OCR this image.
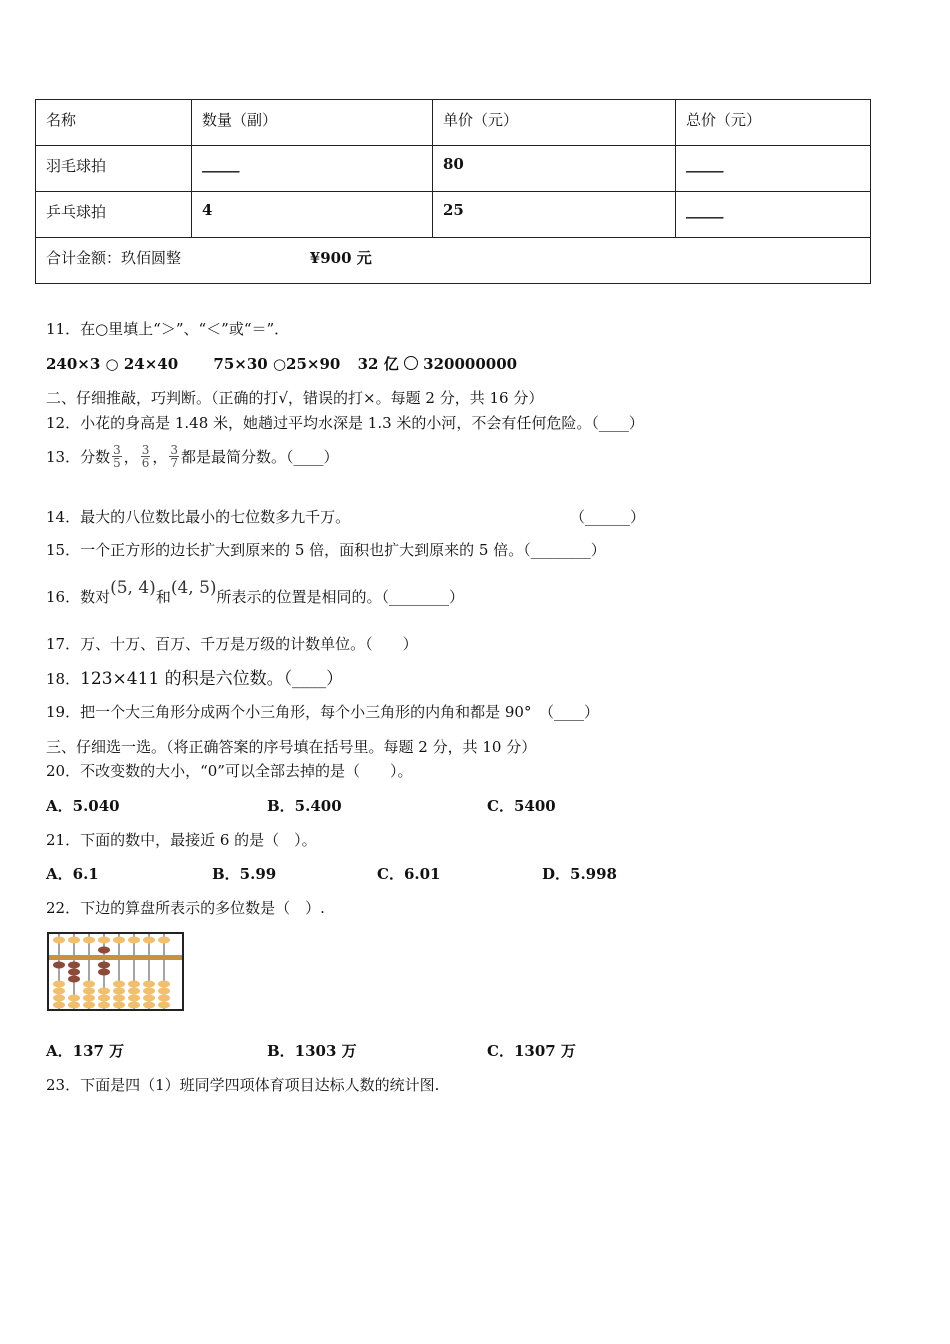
名称	数量（副）	单价（元）	总价（元）
羽毛球拍	_____	80	_____
乒乓球拍	4	25	_____
合计金额：玖佰圆整 ¥900 元			
11．在○里填上“＞”、“＜”或“＝”．
240×3 ○ 24×40 75×30 ○25×90 32 亿 320000000
二、仔细推敲，巧判断。（正确的打√，错误的打×。每题 2 分，共 16 分）
12．小花的身高是 1.48 米，她趟过平均水深是 1.3 米的小河，不会有任何危险。（____）
13．分数 $\frac{3}{5}$ ， $\frac{3}{6}$ ， $\frac{3}{7}$ 都是最简分数。（____）
14．最大的八位数比最小的七位数多九千万。	（______）
15．一个正方形的边长扩大到原来的 5 倍，面积也扩大到原来的 5 倍。（________）
16．数对(5, 4)和(4, 5)所表示的位置是相同的。（________）
17．万、十万、百万、千万是万级的计数单位。（　　）
18．123×411 的积是六位数。（____）
19．把一个大三角形分成两个小三角形，每个小三角形的内角和都是 90°　（____）
三、仔细选一选。（将正确答案的序号填在括号里。每题 2 分，共 10 分）
20．不改变数的大小，“0”可以全部去掉的是（　　）。
A．5.040	B．5.400	C．5400
21．下面的数中，最接近 6 的是（　）。
A．6.1	B．5.99	C．6.01	D．5.998
22．下边的算盘所表示的多位数是（　）.
A．137 万	B．1303 万	C．1307 万
23．下面是四（1）班同学四项体育项目达标人数的统计图.
